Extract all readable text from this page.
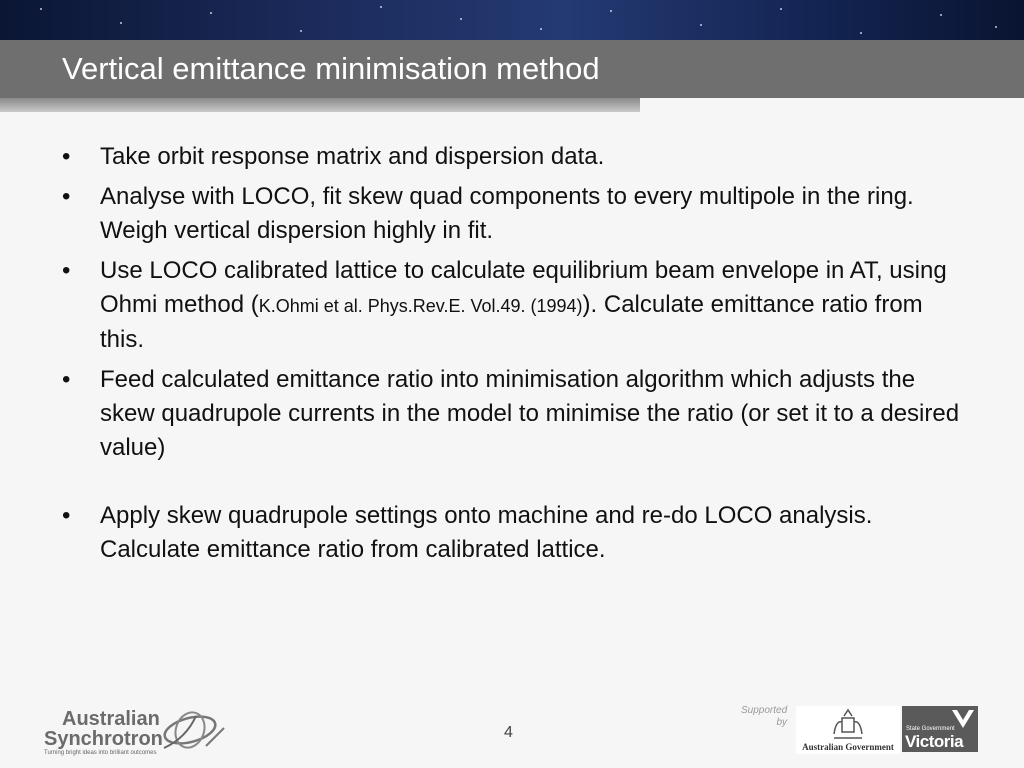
Vertical emittance minimisation method
•	Take orbit response matrix and dispersion data.
•	Analyse with LOCO, fit skew quad components to every multipole in the ring. Weigh vertical dispersion highly in fit.
•	Use LOCO calibrated lattice to calculate equilibrium beam envelope in AT, using Ohmi method (K.Ohmi et al. Phys.Rev.E. Vol.49. (1994)). Calculate emittance ratio from this.
•	Feed calculated emittance ratio into minimisation algorithm which adjusts the skew quadrupole currents in the model to minimise the ratio (or set it to a desired value)
•	Apply skew quadrupole settings onto machine and re-do LOCO analysis. Calculate emittance ratio from calibrated lattice.
Australian
Synchrotron
Turning bright ideas into brilliant outcomes
4
Supported by
Australian Government
State Government
Victoria
